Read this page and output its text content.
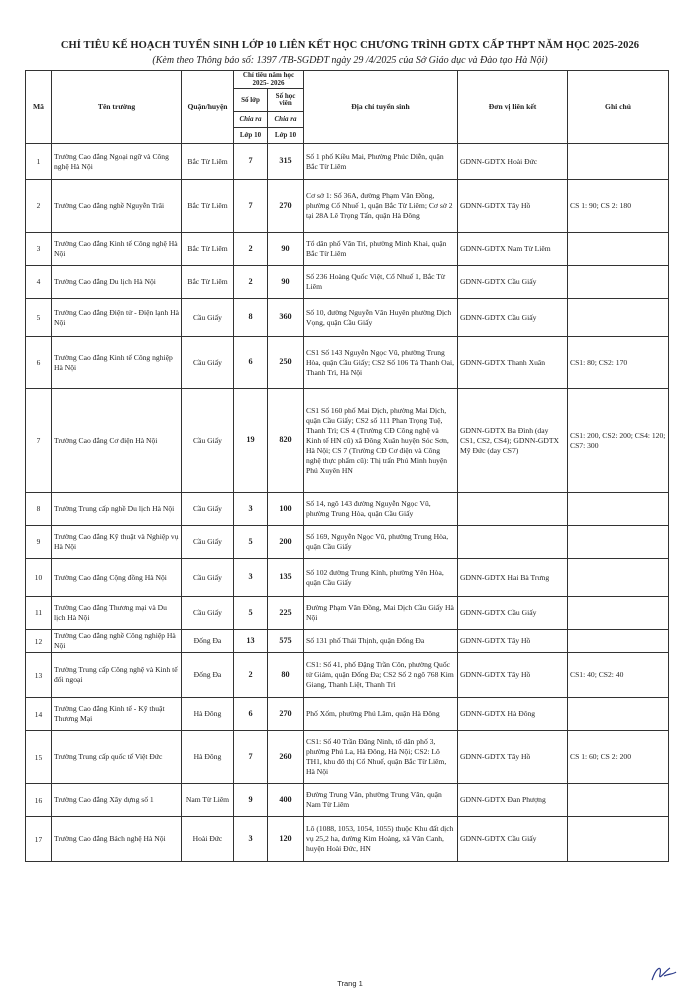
CHỈ TIÊU KẾ HOẠCH TUYỂN SINH LỚP 10 LIÊN KẾT HỌC CHƯƠNG TRÌNH GDTX CẤP THPT NĂM HỌC 2025-2026
(Kèm theo Thông báo số: 1397 /TB-SGDĐT ngày 29 /4/2025 của Sở Giáo dục và Đào tạo Hà Nội)
Mã	Tên trường	Quận/huyện	Chỉ tiêu năm học 2025- 2026		Địa chỉ tuyển sinh	Đơn vị liên kết	Ghi chú
			Số lớp	Số học viên			
			Chia ra	Chia ra			
			Lớp 10	Lớp 10			
1	Trường Cao đẳng Ngoại ngữ và Công nghệ Hà Nội	Bắc Từ Liêm	7	315	Số 1 phố Kiều Mai, Phường Phúc Diễn, quận Bắc Từ Liêm	GDNN-GDTX Hoài Đức	
2	Trường Cao đẳng nghề Nguyễn Trãi	Bắc Từ Liêm	7	270	Cơ sở 1: Số 36A, đường Phạm Văn Đồng, phường Cổ Nhuế 1, quận Bắc Từ Liêm; Cơ sở 2 tại 28A Lê Trọng Tấn, quận Hà Đông	GDNN-GDTX Tây Hồ	CS 1: 90; CS 2: 180
3	Trường Cao đẳng Kinh tế Công nghệ Hà Nội	Bắc Từ Liêm	2	90	Tổ dân phố Văn Trì, phường Minh Khai, quận Bắc Từ Liêm	GDNN-GDTX Nam Từ Liêm	
4	Trường Cao đẳng Du lịch Hà Nội	Bắc Từ Liêm	2	90	Số 236 Hoàng Quốc Việt, Cổ Nhuế 1, Bắc Từ Liêm	GDNN-GDTX Cầu Giấy	
5	Trường Cao đẳng Điện tử - Điện lạnh Hà Nội	Cầu Giấy	8	360	Số 10, đường Nguyễn Văn Huyên phường Dịch Vọng, quận Cầu Giấy	GDNN-GDTX Cầu Giấy	
6	Trường Cao đẳng Kinh tế Công nghiệp Hà Nội	Cầu Giấy	6	250	CS1 Số 143 Nguyễn Ngọc Vũ, phường Trung Hòa, quận Cầu Giấy; CS2 Số 106 Tả Thanh Oai, Thanh Trì, Hà Nội	GDNN-GDTX Thanh Xuân	CS1: 80; CS2: 170
7	Trường Cao đẳng Cơ điện Hà Nội	Cầu Giấy	19	820	CS1 Số 160 phố Mai Dịch, phường Mai Dịch, quận Cầu Giấy; CS2 số 111 Phan Trọng Tuệ, Thanh Trì; CS 4 (Trường CĐ Công nghệ và Kinh tế HN cũ) xã Đông Xuân huyện Sóc Sơn, Hà Nội; CS 7 (Trường CĐ Cơ điện và Công nghệ thực phẩm cũ): Thị trấn Phú Minh huyện Phú Xuyên HN	GDNN-GDTX Ba Đình (day CS1, CS2, CS4); GDNN-GDTX Mỹ Đức (day CS7)	CS1: 200, CS2: 200; CS4: 120; CS7: 300
8	Trường Trung cấp nghề Du lịch Hà Nội	Cầu Giấy	3	100	Số 14, ngõ 143 đường Nguyễn Ngọc Vũ, phường Trung Hòa, quận Cầu Giấy		
9	Trường Cao đẳng Kỹ thuật và Nghiệp vụ Hà Nội	Cầu Giấy	5	200	Số 169, Nguyễn Ngọc Vũ, phường Trung Hòa, quận Cầu Giấy		
10	Trường Cao đẳng Cộng đồng Hà Nội	Cầu Giấy	3	135	Số 102 đường Trung Kính, phường Yên Hòa, quận Cầu Giấy	GDNN-GDTX Hai Bà Trưng	
11	Trường Cao đẳng Thương mại và Du lịch Hà Nội	Cầu Giấy	5	225	Đường Phạm Văn Đồng, Mai Dịch Cầu Giấy Hà Nội	GDNN-GDTX Cầu Giấy	
12	Trường Cao đẳng nghề Công nghiệp Hà Nội	Đống Đa	13	575	Số 131 phố Thái Thịnh, quận Đống Đa	GDNN-GDTX Tây Hồ	
13	Trường Trung cấp Công nghệ và Kinh tế đối ngoại	Đống Đa	2	80	CS1: Số 41, phố Đặng Trần Côn, phường Quốc tử Giám, quận Đống Đa; CS2 Số 2 ngõ 768 Kim Giang, Thanh Liệt, Thanh Trì	GDNN-GDTX Tây Hồ	CS1: 40; CS2: 40
14	Trường Cao đẳng Kinh tế - Kỹ thuật Thương Mại	Hà Đông	6	270	Phố Xốm, phường Phú Lãm, quận Hà Đông	GDNN-GDTX Hà Đông	
15	Trường Trung cấp quốc tế Việt Đức	Hà Đông	7	260	CS1: Số 40 Trần Đăng Ninh, tổ dân phố 3, phường Phú La, Hà Đông, Hà Nội; CS2: Lô TH1, khu đô thị Cổ Nhuế, quận Bắc Từ Liêm, Hà Nội	GDNN-GDTX Tây Hồ	CS 1: 60; CS 2: 200
16	Trường Cao đẳng Xây dựng số 1	Nam Từ Liêm	9	400	Đường Trung Văn, phường Trung Văn, quận Nam Từ Liêm	GDNN-GDTX Đan Phượng	
17	Trường Cao đẳng Bách nghệ Hà Nội	Hoài Đức	3	120	Lô (1088, 1053, 1054, 1055) thuộc Khu đất dịch vụ 25,2 ha, đường Kim Hoàng, xã Vân Canh, huyện Hoài Đức, HN	GDNN-GDTX Cầu Giấy	
Trang 1
